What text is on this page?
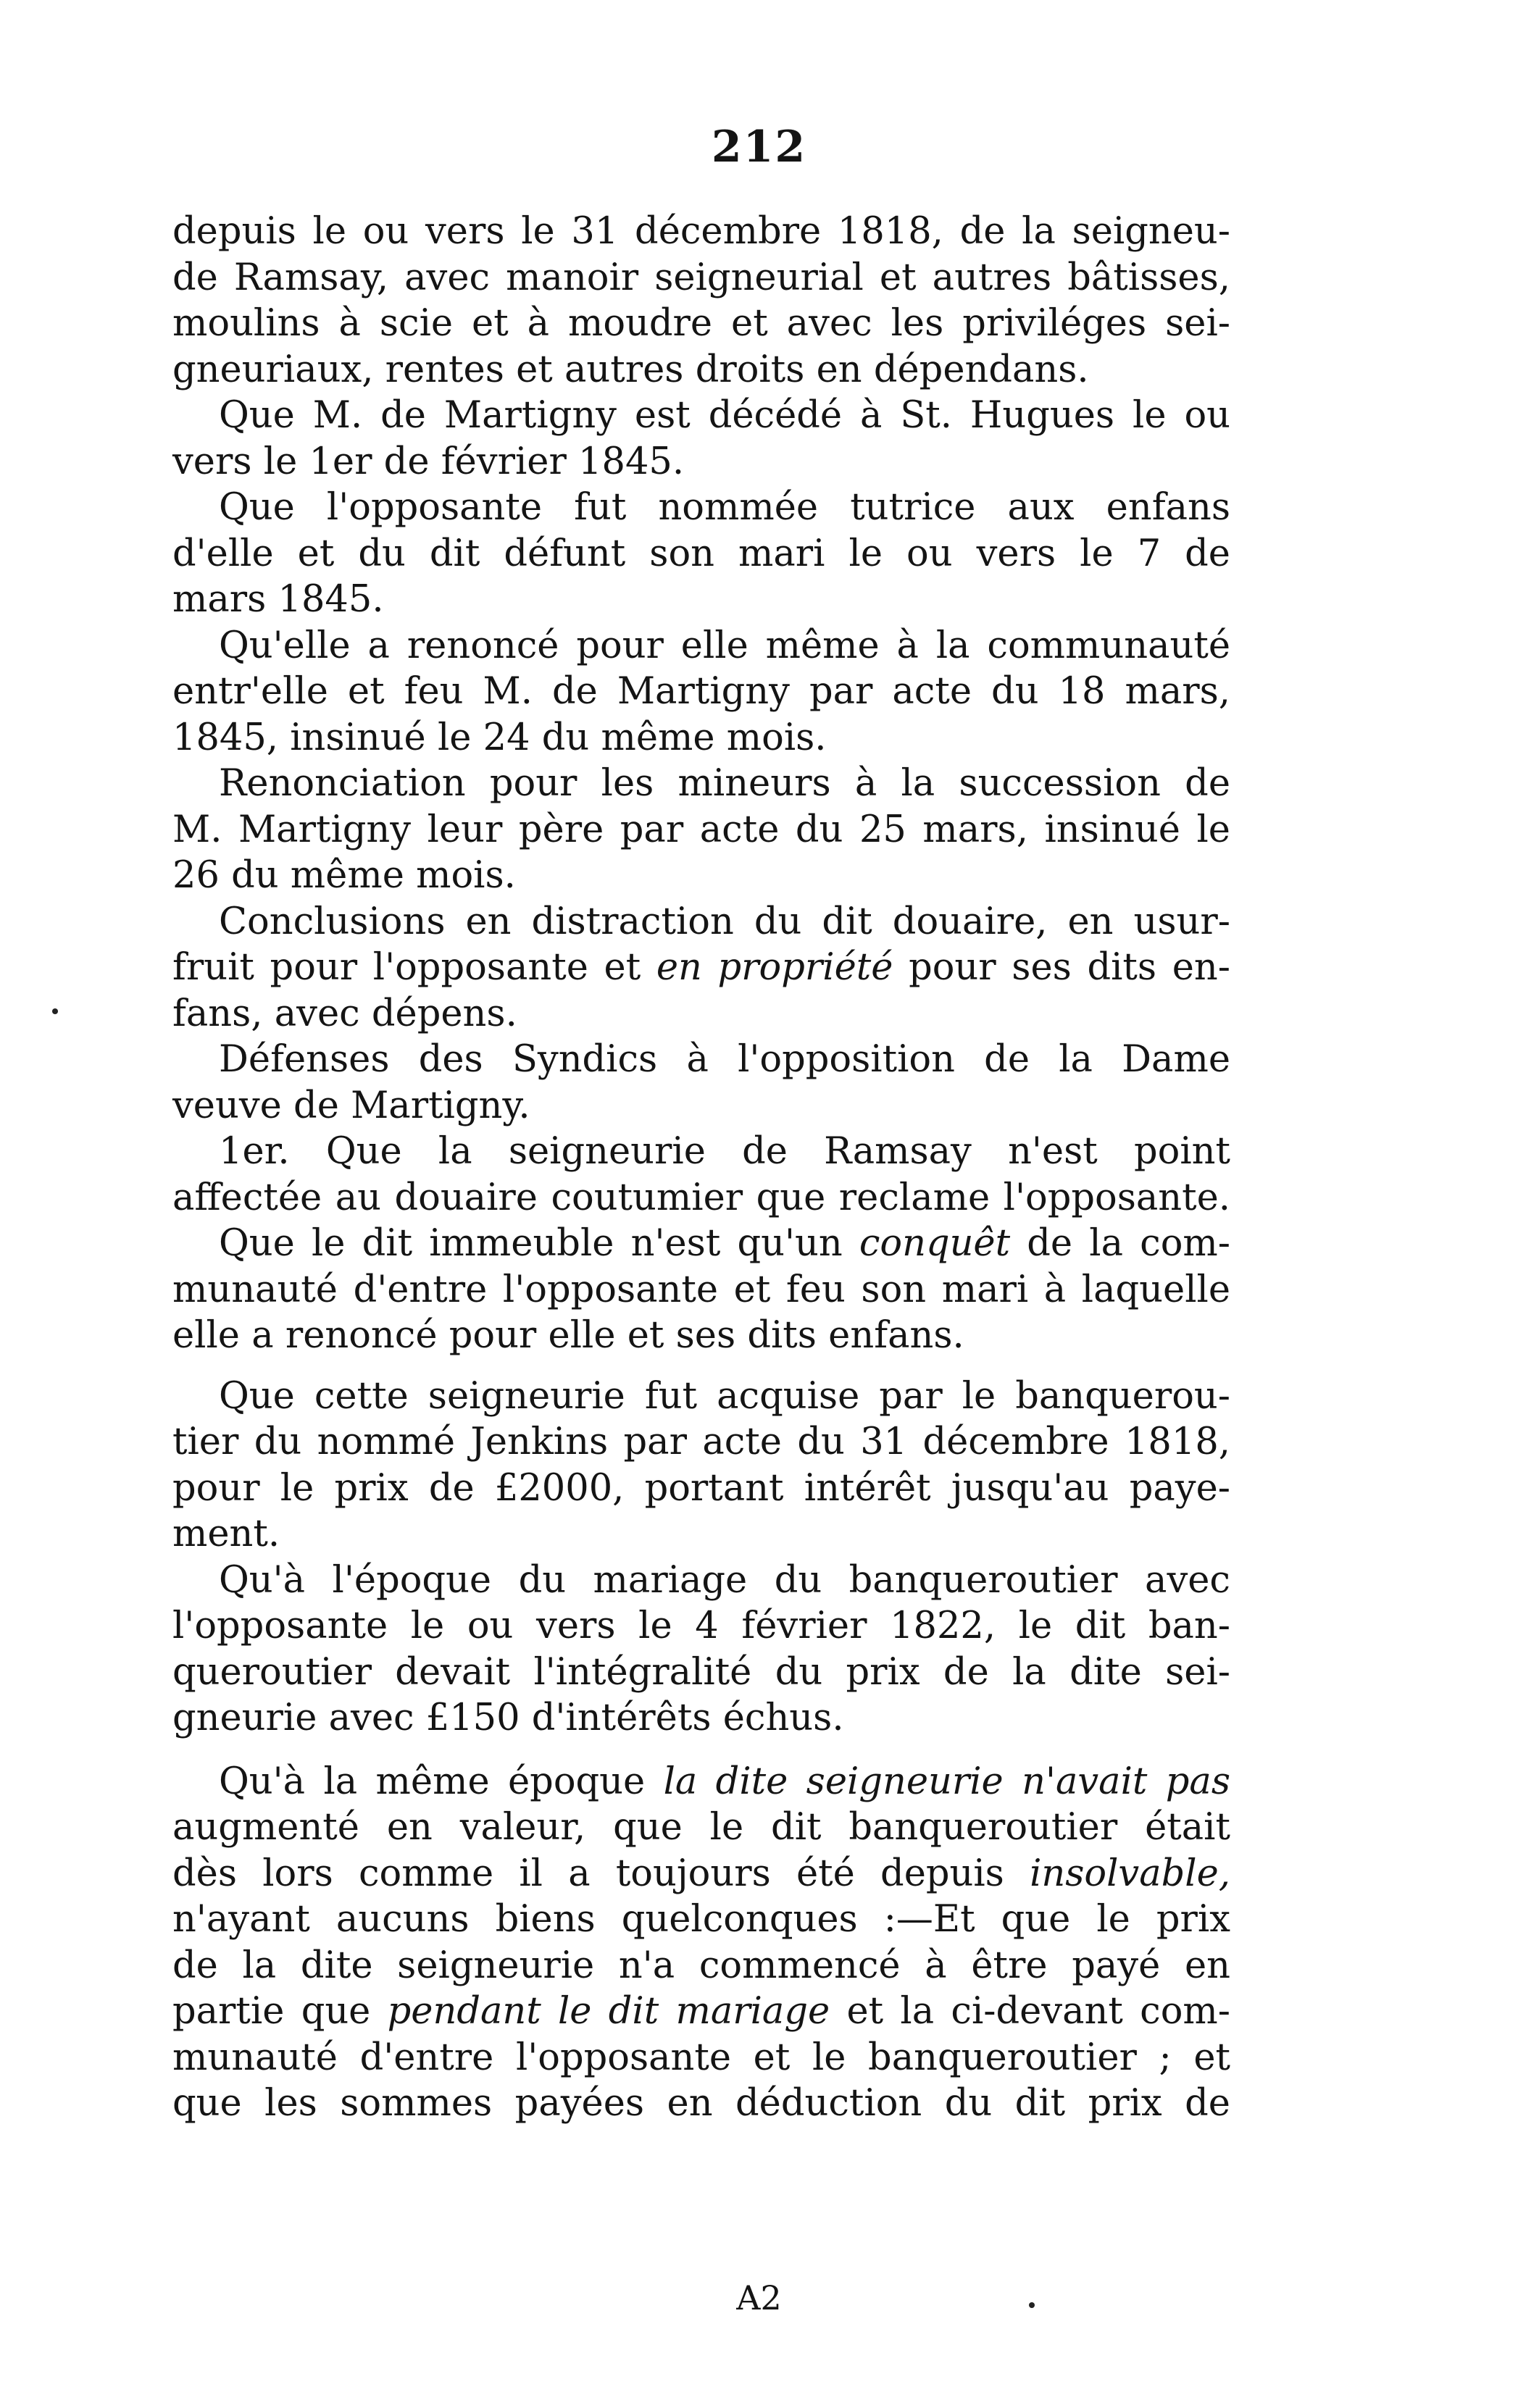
212
depuis le ou vers le 31 décembre 1818, de la seigneu-
de Ramsay, avec manoir seigneurial et autres bâtisses,
moulins à scie et à moudre et avec les priviléges sei-
gneuriaux, rentes et autres droits en dépendans.
Que M. de Martigny est décédé à St. Hugues le ou
vers le 1er de février 1845.
Que l'opposante fut nommée tutrice aux enfans
d'elle et du dit défunt son mari le ou vers le 7 de
mars 1845.
Qu'elle a renoncé pour elle même à la communauté
entr'elle et feu M. de Martigny par acte du 18 mars,
1845, insinué le 24 du même mois.
Renonciation pour les mineurs à la succession de
M. Martigny leur père par acte du 25 mars, insinué le
26 du même mois.
Conclusions en distraction du dit douaire, en usur-
fruit pour l'opposante et en propriété pour ses dits en-
fans, avec dépens.
Défenses des Syndics à l'opposition de la Dame
veuve de Martigny.
1er. Que la seigneurie de Ramsay n'est point
affectée au douaire coutumier que reclame l'opposante.
Que le dit immeuble n'est qu'un conquêt de la com-
munauté d'entre l'opposante et feu son mari à laquelle
elle a renoncé pour elle et ses dits enfans.
Que cette seigneurie fut acquise par le banquerou-
tier du nommé Jenkins par acte du 31 décembre 1818,
pour le prix de £2000, portant intérêt jusqu'au paye-
ment.
Qu'à l'époque du mariage du banqueroutier avec
l'opposante le ou vers le 4 février 1822, le dit ban-
queroutier devait l'intégralité du prix de la dite sei-
gneurie avec £150 d'intérêts échus.
Qu'à la même époque la dite seigneurie n'avait pas
augmenté en valeur, que le dit banqueroutier était
dès lors comme il a toujours été depuis insolvable,
n'ayant aucuns biens quelconques :—Et que le prix
de la dite seigneurie n'a commencé à être payé en
partie que pendant le dit mariage et la ci-devant com-
munauté d'entre l'opposante et le banqueroutier ; et
que les sommes payées en déduction du dit prix de
A2
